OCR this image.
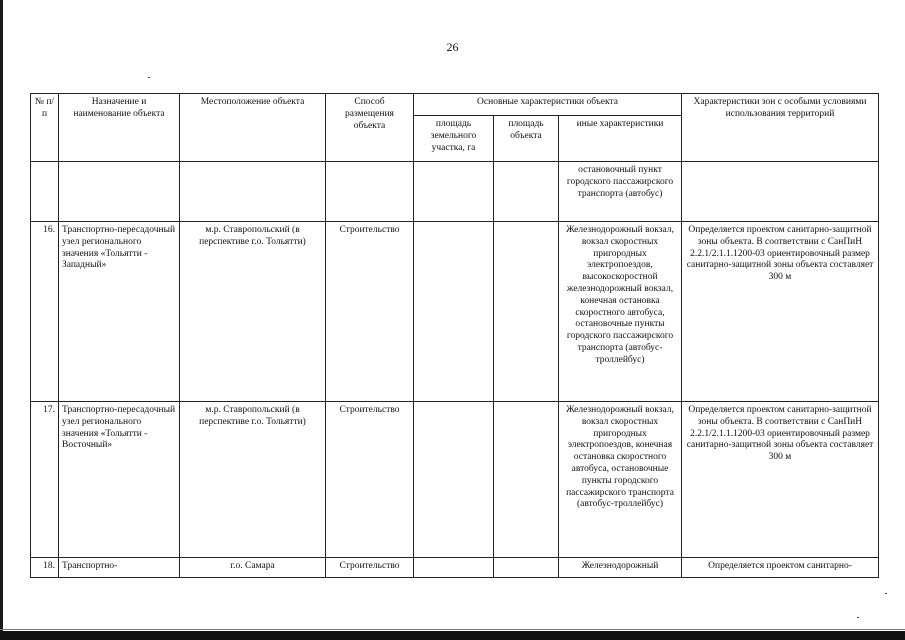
26
№ п/п	Назначение и наименование объекта	Местоположение объекта	Способ размещения объекта	Основные характеристики объекта			Характеристики зон с особыми условиями использования территорий
				площадь земельного участка, га	площадь объекта	иные характеристики	
						остановочный пункт городского пассажирского транспорта (автобус)	
16.	Транспортно-пересадочный узел регионального значения «Тольятти - Западный»	м.р. Ставропольский (в перспективе г.о. Тольятти)	Строительство			Железнодорожный вокзал, вокзал скоростных пригородных электропоездов, высокоскоростной железнодорожный вокзал, конечная остановка скоростного автобуса, остановочные пункты городского пассажирского транспорта (автобус-троллейбус)	Определяется проектом санитарно-защитной зоны объекта. В соответствии с СанПиН 2.2.1/2.1.1.1200-03 ориентировочный размер санитарно-защитной зоны объекта составляет 300 м
17.	Транспортно-пересадочный узел регионального значения «Тольятти - Восточный»	м.р. Ставропольский (в перспективе г.о. Тольятти)	Строительство			Железнодорожный вокзал, вокзал скоростных пригородных электропоездов, конечная остановка скоростного автобуса, остановочные пункты городского пассажирского транспорта (автобус-троллейбус)	Определяется проектом санитарно-защитной зоны объекта. В соответствии с СанПиН 2.2.1/2.1.1.1200-03 ориентировочный размер санитарно-защитной зоны объекта составляет 300 м
18.	Транспортно-	г.о. Самара	Строительство			Железнодорожный	Определяется проектом санитарно-
